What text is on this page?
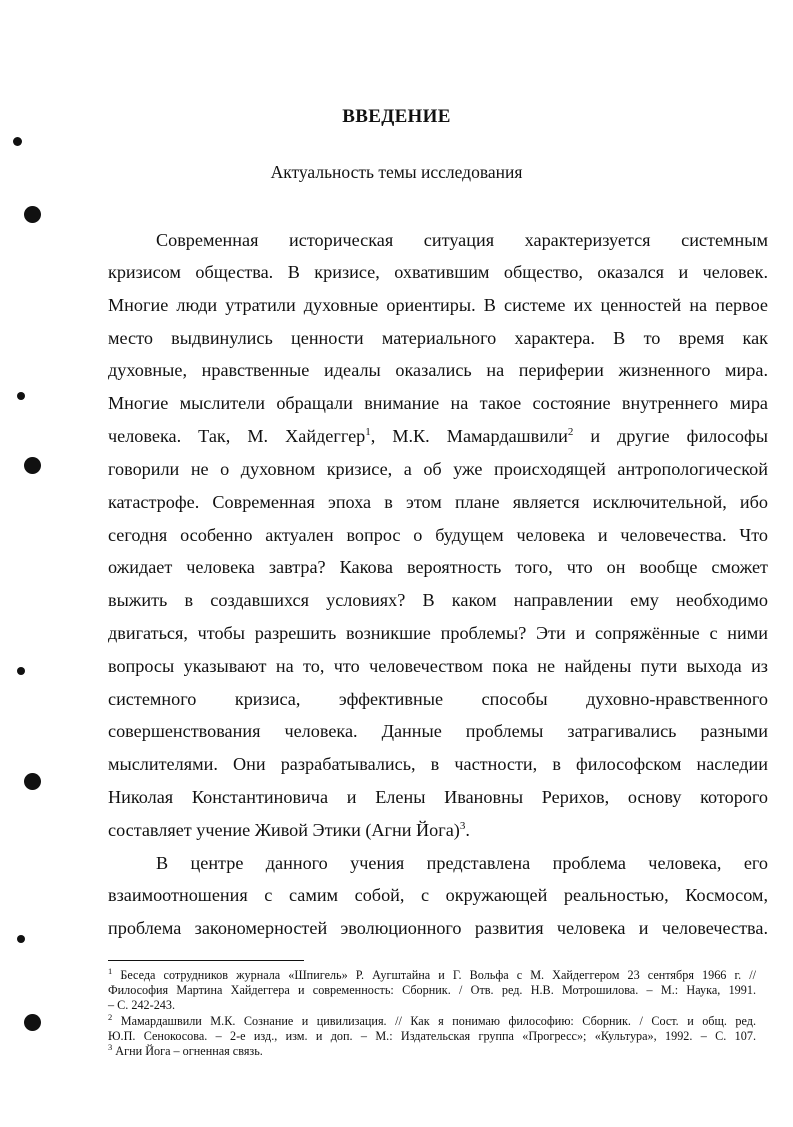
ВВЕДЕНИЕ
Актуальность темы исследования
Современная историческая ситуация характеризуется системным
кризисом общества. В кризисе, охватившим общество, оказался и человек.
Многие люди утратили духовные ориентиры. В системе их ценностей на первое
место выдвинулись ценности материального характера. В то время как
духовные, нравственные идеалы оказались на периферии жизненного мира.
Многие мыслители обращали внимание на такое состояние внутреннего мира
человека. Так, М. Хайдеггер$^1$, М.К. Мамардашвили$^2$ и другие философы
говорили не о духовном кризисе, а об уже происходящей антропологической
катастрофе. Современная эпоха в этом плане является исключительной, ибо
сегодня особенно актуален вопрос о будущем человека и человечества. Что
ожидает человека завтра? Какова вероятность того, что он вообще сможет
выжить в создавшихся условиях? В каком направлении ему необходимо
двигаться, чтобы разрешить возникшие проблемы? Эти и сопряжённые с ними
вопросы указывают на то, что человечеством пока не найдены пути выхода из
системного кризиса, эффективные способы духовно-нравственного
совершенствования человека. Данные проблемы затрагивались разными
мыслителями. Они разрабатывались, в частности, в философском наследии
Николая Константиновича и Елены Ивановны Рерихов, основу которого
составляет учение Живой Этики (Агни Йога)$^3$.
В центре данного учения представлена проблема человека, его
взаимоотношения с самим собой, с окружающей реальностью, Космосом,
проблема закономерностей эволюционного развития человека и человечества.
$^1$ Беседа сотрудников журнала «Шпигель» Р. Аугштайна и Г. Вольфа с М. Хайдеггером 23 сентября 1966 г. //
Философия Мартина Хайдеггера и современность: Сборник. / Отв. ред. Н.В. Мотрошилова. – М.: Наука, 1991.
– С. 242-243.
$^2$ Мамардашвили М.К. Сознание и цивилизация. // Как я понимаю философию: Сборник. / Сост. и общ. ред.
Ю.П. Сенокосова. – 2-е изд., изм. и доп. – М.: Издательская группа «Прогресс»; «Культура», 1992. – С. 107.
$^3$ Агни Йога – огненная связь.
